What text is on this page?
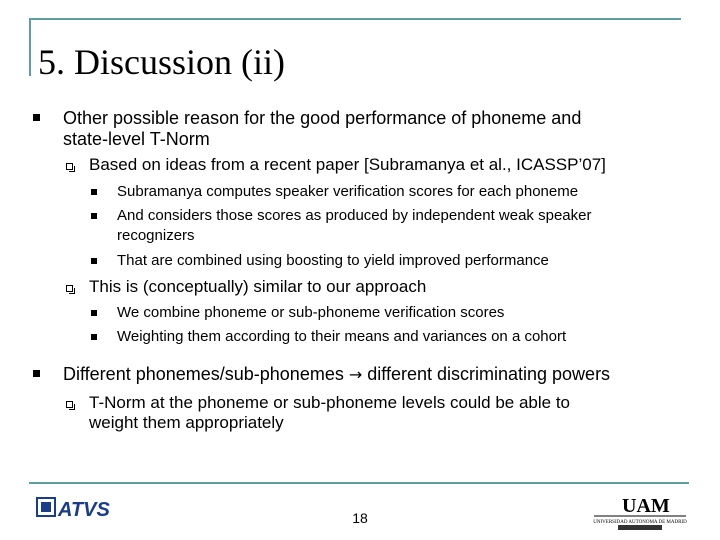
5. Discussion (ii)
Other possible reason for the good performance of phoneme and
state-level T-Norm
Based on ideas from a recent paper [Subramanya et al., ICASSP’07]
Subramanya computes speaker verification scores for each phoneme
And considers those scores as produced by independent weak speaker
recognizers
That are combined using boosting to yield improved performance
This is (conceptually) similar to our approach
We combine phoneme or sub-phoneme verification scores
Weighting them according to their means and variances on a cohort
Different phonemes/sub-phonemes → different discriminating powers
T-Norm at the phoneme or sub-phoneme levels could be able to
weight them appropriately
ATVS	18
UAM
UNIVERSIDAD AUTONOMA DE MADRID
